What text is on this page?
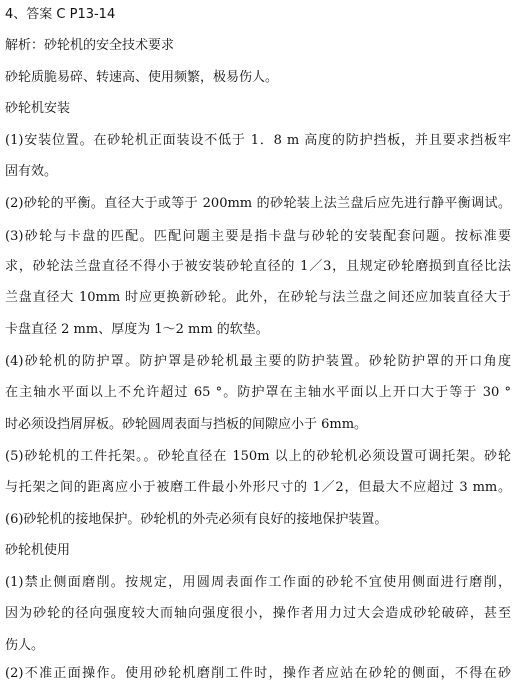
4、答案 C P13-14
解析：砂轮机的安全技术要求
砂轮质脆易碎、转速高、使用频繁，极易伤人。
砂轮机安装
(1)安装位置。在砂轮机正面装设不低于 1．8 m 高度的防护挡板，并且要求挡板牢
固有效。
(2)砂轮的平衡。直径大于或等于 200mm 的砂轮装上法兰盘后应先进行静平衡调试。
(3)砂轮与卡盘的匹配。匹配问题主要是指卡盘与砂轮的安装配套问题。按标准要
求，砂轮法兰盘直径不得小于被安装砂轮直径的 1／3，且规定砂轮磨损到直径比法
兰盘直径大 10mm 时应更换新砂轮。此外，在砂轮与法兰盘之间还应加装直径大于
卡盘直径 2 mm、厚度为 1～2 mm 的软垫。
(4)砂轮机的防护罩。防护罩是砂轮机最主要的防护装置。砂轮防护罩的开口角度
在主轴水平面以上不允许超过 65 °。防护罩在主轴水平面以上开口大于等于 30 °
时必须设挡屑屏板。砂轮圆周表面与挡板的间隙应小于 6mm。
(5)砂轮机的工件托架。。砂轮直径在 150m 以上的砂轮机必须设置可调托架。砂轮
与托架之间的距离应小于被磨工件最小外形尺寸的 1／2，但最大不应超过 3 mm。
(6)砂轮机的接地保护。砂轮机的外壳必须有良好的接地保护装置。
砂轮机使用
(1)禁止侧面磨削。按规定，用圆周表面作工作面的砂轮不宜使用侧面进行磨削，
因为砂轮的径向强度较大而轴向强度很小，操作者用力过大会造成砂轮破碎，甚至
伤人。
(2)不准正面操作。使用砂轮机磨削工件时，操作者应站在砂轮的侧面，不得在砂
